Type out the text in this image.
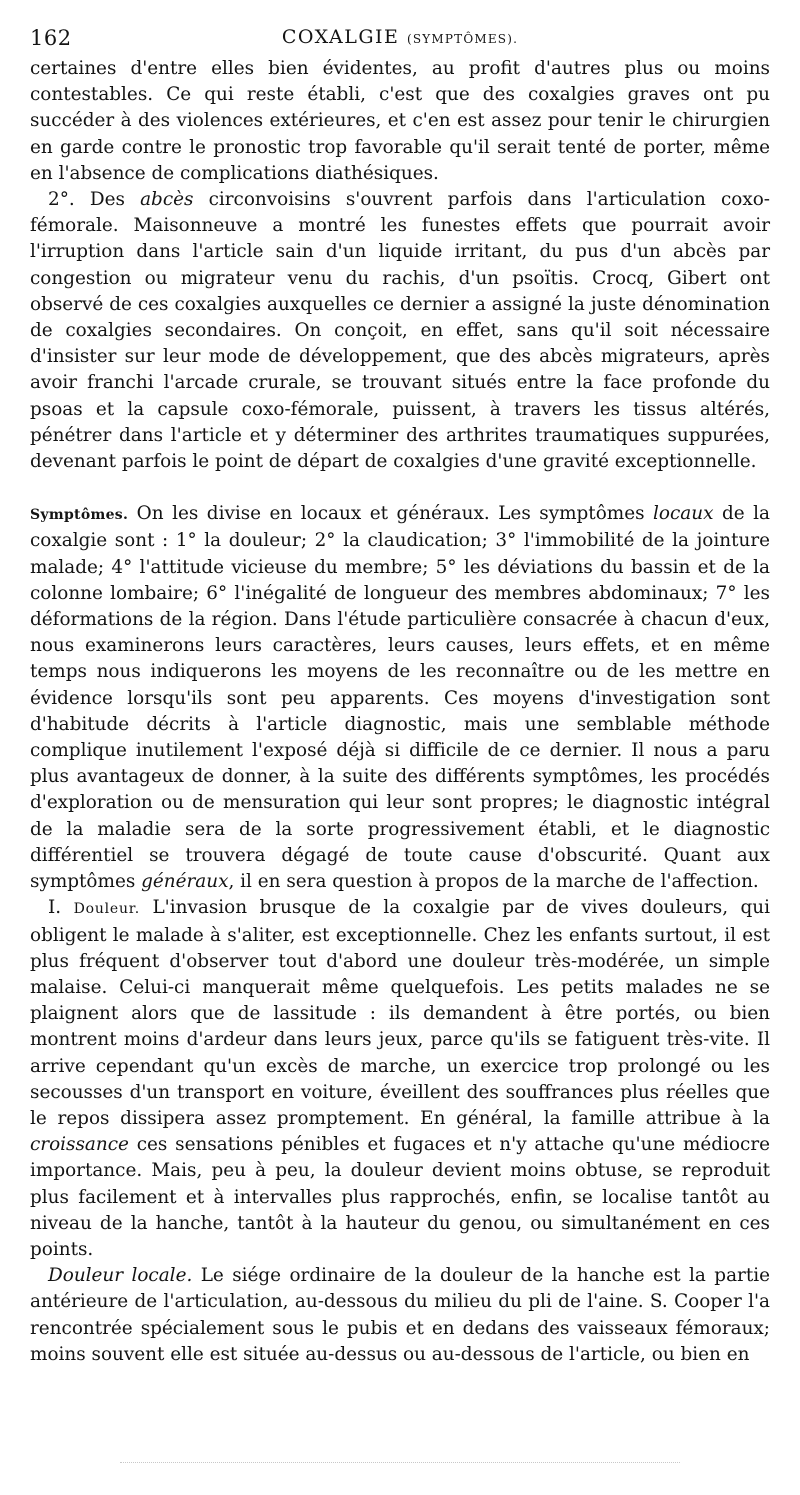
162	COXALGIE (SYMPTÔMES).

certaines d'entre elles bien évidentes, au profit d'autres plus ou moins contestables. Ce qui reste établi, c'est que des coxalgies graves ont pu succéder à des violences extérieures, et c'en est assez pour tenir le chirurgien en garde contre le pronostic trop favorable qu'il serait tenté de porter, même en l'absence de complications diathésiques.

2°. Des abcès circonvoisins s'ouvrent parfois dans l'articulation coxo-fémorale. Maisonneuve a montré les funestes effets que pourrait avoir l'irruption dans l'article sain d'un liquide irritant, du pus d'un abcès par congestion ou migrateur venu du rachis, d'un psoïtis. Crocq, Gibert ont observé de ces coxalgies auxquelles ce dernier a assigné la juste dénomination de coxalgies secondaires. On conçoit, en effet, sans qu'il soit nécessaire d'insister sur leur mode de développement, que des abcès migrateurs, après avoir franchi l'arcade crurale, se trouvant situés entre la face profonde du psoas et la capsule coxo-fémorale, puissent, à travers les tissus altérés, pénétrer dans l'article et y déterminer des arthrites traumatiques suppurées, devenant parfois le point de départ de coxalgies d'une gravité exceptionnelle.

Symptômes. On les divise en locaux et généraux. Les symptômes locaux de la coxalgie sont : 1° la douleur; 2° la claudication; 3° l'immobilité de la jointure malade; 4° l'attitude vicieuse du membre; 5° les déviations du bassin et de la colonne lombaire; 6° l'inégalité de longueur des membres abdominaux; 7° les déformations de la région. Dans l'étude particulière consacrée à chacun d'eux, nous examinerons leurs caractères, leurs causes, leurs effets, et en même temps nous indiquerons les moyens de les reconnaître ou de les mettre en évidence lorsqu'ils sont peu apparents. Ces moyens d'investigation sont d'habitude décrits à l'article diagnostic, mais une semblable méthode complique inutilement l'exposé déjà si difficile de ce dernier. Il nous a paru plus avantageux de donner, à la suite des différents symptômes, les procédés d'exploration ou de mensuration qui leur sont propres; le diagnostic intégral de la maladie sera de la sorte progressivement établi, et le diagnostic différentiel se trouvera dégagé de toute cause d'obscurité. Quant aux symptômes généraux, il en sera question à propos de la marche de l'affection.

I. Douleur. L'invasion brusque de la coxalgie par de vives douleurs, qui obligent le malade à s'aliter, est exceptionnelle. Chez les enfants surtout, il est plus fréquent d'observer tout d'abord une douleur très-modérée, un simple malaise. Celui-ci manquerait même quelquefois. Les petits malades ne se plaignent alors que de lassitude : ils demandent à être portés, ou bien montrent moins d'ardeur dans leurs jeux, parce qu'ils se fatiguent très-vite. Il arrive cependant qu'un excès de marche, un exercice trop prolongé ou les secousses d'un transport en voiture, éveillent des souffrances plus réelles que le repos dissipera assez promptement. En général, la famille attribue à la croissance ces sensations pénibles et fugaces et n'y attache qu'une médiocre importance. Mais, peu à peu, la douleur devient moins obtuse, se reproduit plus facilement et à intervalles plus rapprochés, enfin, se localise tantôt au niveau de la hanche, tantôt à la hauteur du genou, ou simultanément en ces points.

Douleur locale. Le siége ordinaire de la douleur de la hanche est la partie antérieure de l'articulation, au-dessous du milieu du pli de l'aine. S. Cooper l'a rencontrée spécialement sous le pubis et en dedans des vaisseaux fémoraux; moins souvent elle est située au-dessus ou au-dessous de l'article, ou bien en
